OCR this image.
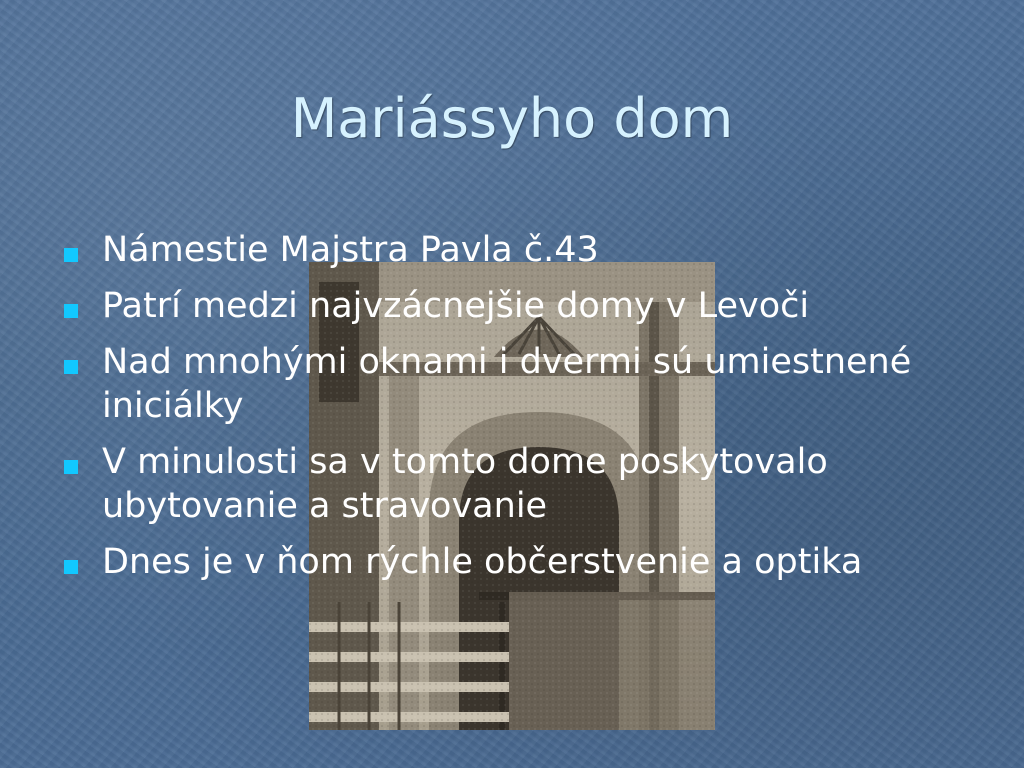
Mariássyho dom
Námestie Majstra Pavla č.43
Patrí medzi najvzácnejšie domy v Levoči
Nad mnohými oknami i dvermi sú umiestnené iniciálky
V minulosti sa v tomto dome poskytovalo ubytovanie a stravovanie
Dnes je v ňom rýchle občerstvenie a optika
